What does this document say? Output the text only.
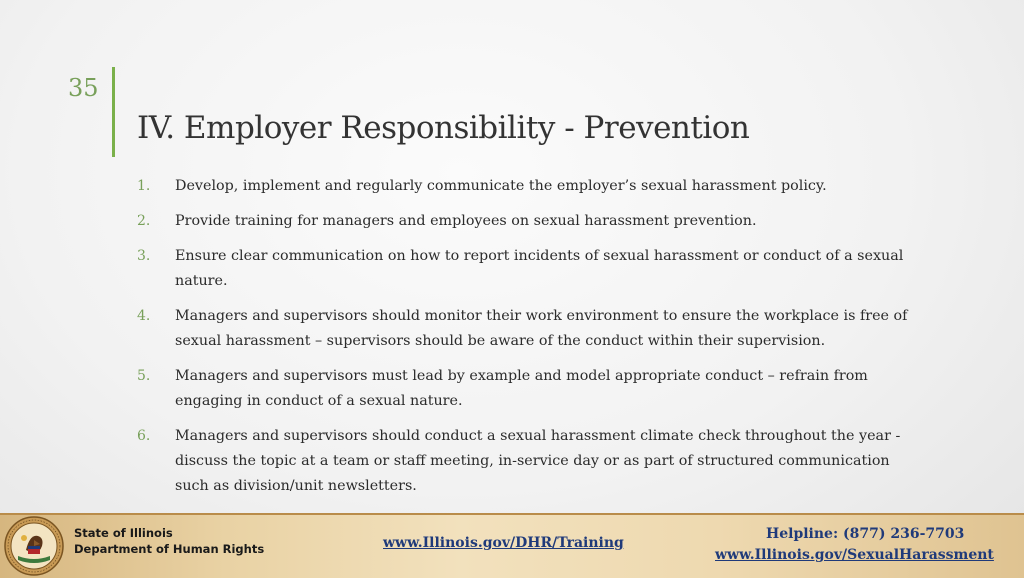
35
IV. Employer Responsibility - Prevention
1. Develop, implement and regularly communicate the employer’s sexual harassment policy.
2. Provide training for managers and employees on sexual harassment prevention.
3. Ensure clear communication on how to report incidents of sexual harassment or conduct of a sexual nature.
4. Managers and supervisors should monitor their work environment to ensure the workplace is free of sexual harassment – supervisors should be aware of the conduct within their supervision.
5. Managers and supervisors must lead by example and model appropriate conduct – refrain from engaging in conduct of a sexual nature.
6. Managers and supervisors should conduct a sexual harassment climate check throughout the year -discuss the topic at a team or staff meeting, in-service day or as part of structured communication such as division/unit newsletters.
State of Illinois
Department of Human Rights	www.Illinois.gov/DHR/Training
Helpline: (877) 236-7703
www.Illinois.gov/SexualHarassment
